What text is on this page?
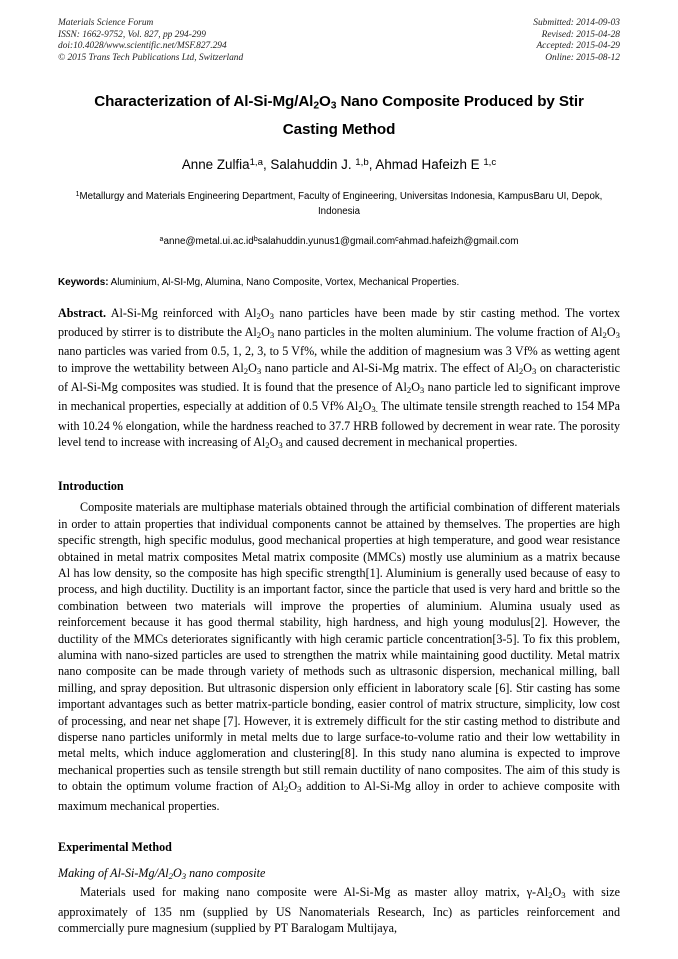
Materials Science Forum
ISSN: 1662-9752, Vol. 827, pp 294-299
doi:10.4028/www.scientific.net/MSF.827.294
© 2015 Trans Tech Publications Ltd, Switzerland
Submitted: 2014-09-03
Revised: 2015-04-28
Accepted: 2015-04-29
Online: 2015-08-12
Characterization of $Al-Si-Mg/Al_2O_3$ Nano Composite Produced by Stir Casting Method
Anne Zulfia$^{1,a}$, Salahuddin J. $^{1,b}$, Ahmad Hafeizh E $^{1,c}$
$^1$Metallurgy and Materials Engineering Department, Faculty of Engineering, Universitas Indonesia, KampusBaru UI, Depok, Indonesia
$^aanne@metal.ui.ac.id^bsalahuddin.yunus1@gmail.com^cahmad.hafeizh@gmail.com$
Keywords: Aluminium, Al-SI-Mg, Alumina, Nano Composite, Vortex, Mechanical Properties.
Abstract. Al-Si-Mg reinforced with $Al_2O_3$ nano particles have been made by stir casting method. The vortex produced by stirrer is to distribute the $Al_2O_3$ nano particles in the molten aluminium. The volume fraction of $Al_2O_3$ nano particles was varied from 0.5, 1, 2, 3, to 5 Vf%, while the addition of magnesium was 3 Vf% as wetting agent to improve the wettability between $Al_2O_3$ nano particle and Al-Si-Mg matrix. The effect of $Al_2O_3$ on characteristic of Al-Si-Mg composites was studied. It is found that the presence of $Al_2O_3$ nano particle led to significant improve in mechanical properties, especially at addition of 0.5 Vf% $Al_2O_{3.}$ The ultimate tensile strength reached to 154 MPa with 10.24 % elongation, while the hardness reached to 37.7 HRB followed by decrement in wear rate. The porosity level tend to increase with increasing of $Al_2O_3$ and caused decrement in mechanical properties.
Introduction

Composite materials are multiphase materials obtained through the artificial combination of different materials in order to attain properties that individual components cannot be attained by themselves. The properties are high specific strength, high specific modulus, good mechanical properties at high temperature, and good wear resistance obtained in metal matrix composites Metal matrix composite (MMCs) mostly use aluminium as a matrix because Al has low density, so the composite has high specific strength[1]. Aluminium is generally used because of easy to process, and high ductility. Ductility is an important factor, since the particle that used is very hard and brittle so the combination between two materials will improve the properties of aluminium. Alumina usualy used as reinforcement because it has good thermal stability, high hardness, and high young modulus[2]. However, the ductility of the MMCs deteriorates significantly with high ceramic particle concentration[3-5]. To fix this problem, alumina with nano-sized particles are used to strengthen the matrix while maintaining good ductility. Metal matrix nano composite can be made through variety of methods such as ultrasonic dispersion, mechanical milling, ball milling, and spray deposition. But ultrasonic dispersion only efficient in laboratory scale [6]. Stir casting has some important advantages such as better matrix-particle bonding, easier control of matrix structure, simplicity, low cost of processing, and near net shape [7]. However, it is extremely difficult for the stir casting method to distribute and disperse nano particles uniformly in metal melts due to large surface-to-volume ratio and their low wettability in metal melts, which induce agglomeration and clustering[8]. In this study nano alumina is expected to improve mechanical properties such as tensile strength but still remain ductility of nano composites. The aim of this study is to obtain the optimum volume fraction of $Al_2O_3$ addition to Al-Si-Mg alloy in order to achieve composite with maximum mechanical properties.

Experimental Method
Making of $Al-Si-Mg/Al_2O_3$ nano composite

Materials used for making nano composite were Al-Si-Mg as master alloy matrix, $\gamma-Al_2O_3$ with size approximately of 135 nm (supplied by US Nanomaterials Research, Inc) as particles reinforcement and commercially pure magnesium (supplied by PT Baralogam Multijaya,
